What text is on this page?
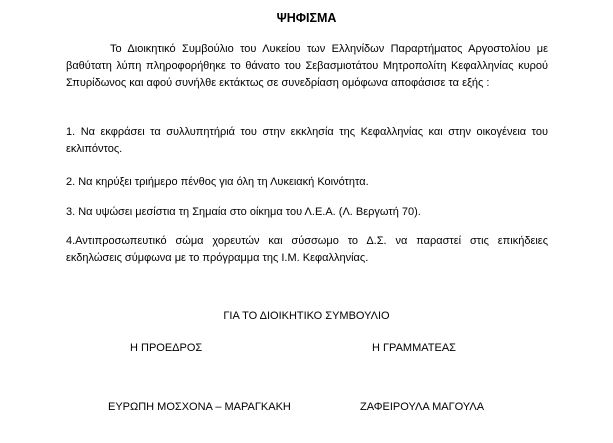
ΨΗΦΙΣΜΑ
Το Διοικητικό Συμβούλιο του Λυκείου των Ελληνίδων Παραρτήματος Αργοστολίου με βαθύτατη λύπη πληροφορήθηκε το θάνατο του Σεβασμιοτάτου Μητροπολίτη Κεφαλληνίας κυρού Σπυρίδωνος και αφού συνήλθε εκτάκτως σε συνεδρίαση ομόφωνα αποφάσισε τα εξής :
1. Να εκφράσει τα συλλυπητήριά του στην εκκλησία της Κεφαλληνίας και στην οικογένεια του εκλιπόντος.
2. Να κηρύξει τριήμερο πένθος για όλη τη Λυκειακή Κοινότητα.
3. Να υψώσει μεσίστια τη Σημαία στο οίκημα του Λ.Ε.Α. (Λ. Βεργωτή 70).
4.Αντιπροσωπευτικό σώμα χορευτών και σύσσωμο το Δ.Σ. να παραστεί στις επικήδειες εκδηλώσεις σύμφωνα με το πρόγραμμα της Ι.Μ. Κεφαλληνίας.
ΓΙΑ ΤΟ ΔΙΟΙΚΗΤΙΚΟ ΣΥΜΒΟΥΛΙΟ
Η ΠΡΟΕΔΡΟΣ	Η ΓΡΑΜΜΑΤΕΑΣ
ΕΥΡΩΠΗ ΜΟΣΧΟΝΑ – ΜΑΡΑΓΚΑΚΗ	ΖΑΦΕΙΡΟΥΛΑ ΜΑΓΟΥΛΑ
